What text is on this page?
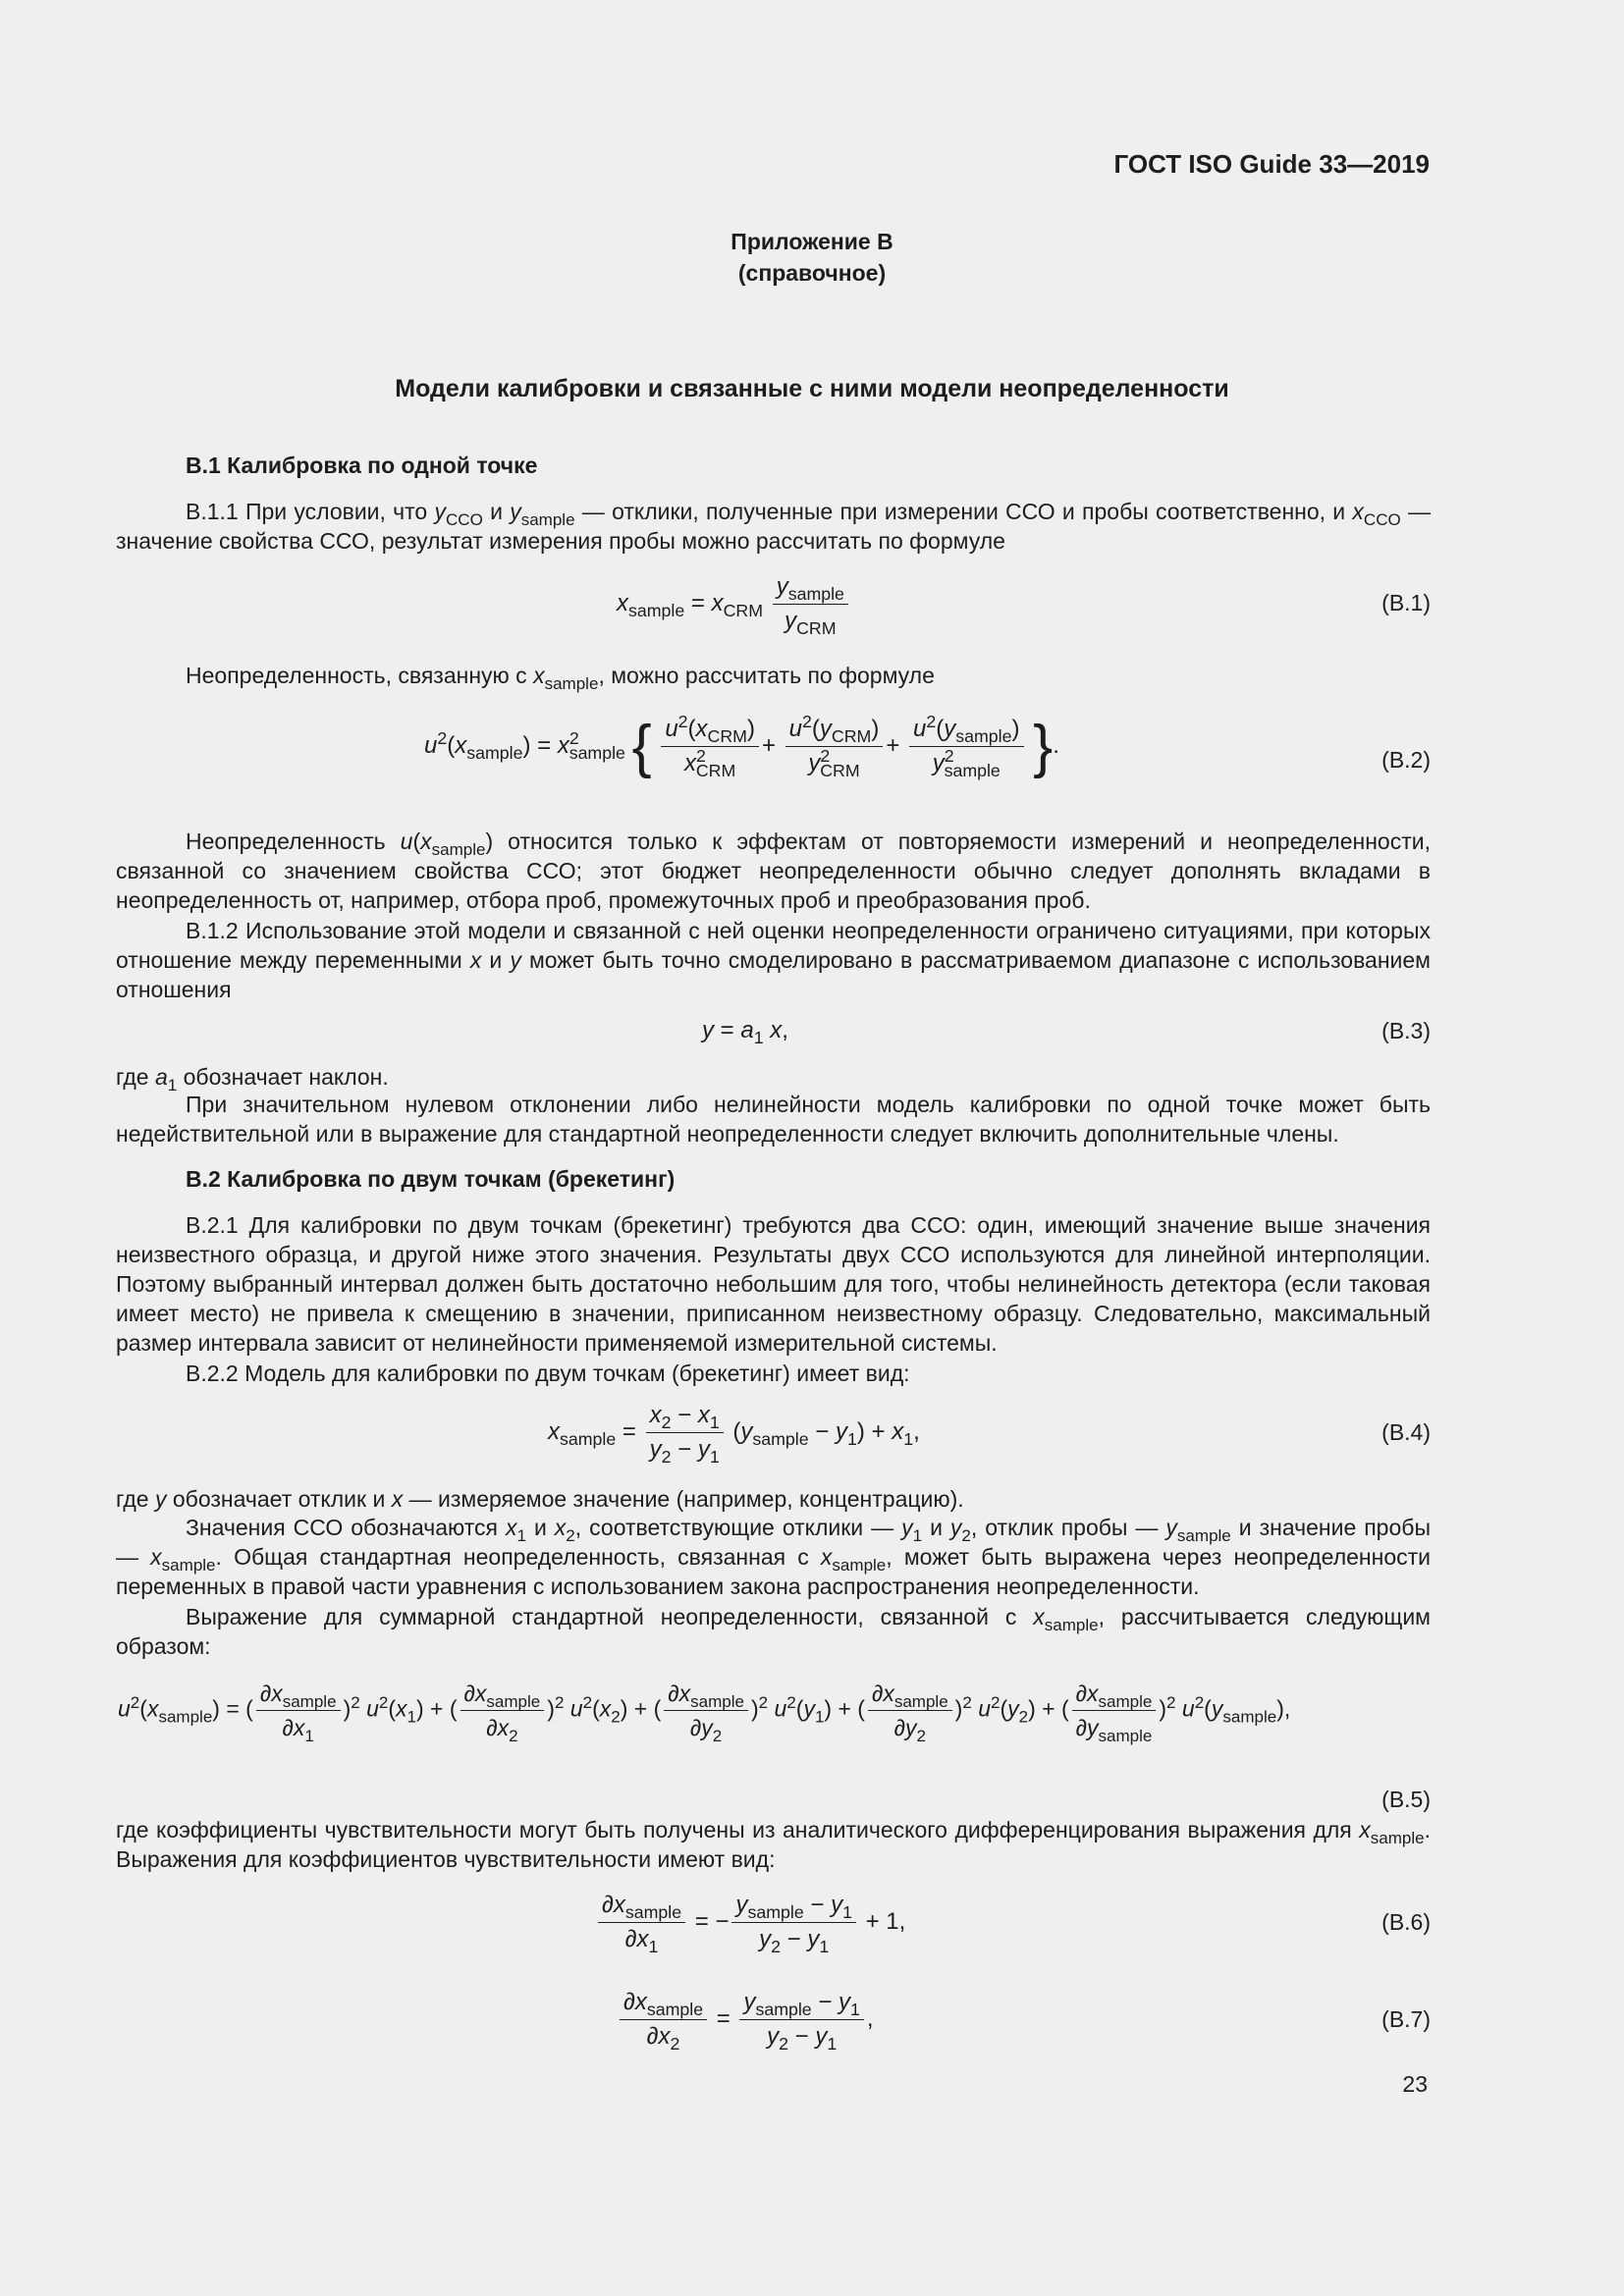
ГОСТ ISO Guide 33—2019
Приложение В
(справочное)
Модели калибровки и связанные с ними модели неопределенности
В.1 Калибровка по одной точке

В.1.1 При условии, что $y_{CCO}$ и $y_{sample}$ — отклики, полученные при измерении ССО и пробы соответственно, и $x_{CCO}$ — значение свойства ССО, результат измерения пробы можно рассчитать по формуле

$x_{sample} = x_{CRM} \frac{y_{sample}}{y_{CRM}}$	(В.1)
Неопределенность, связанную с $x_{sample}$, можно рассчитать по формуле
$u^2(x_{sample}) = x^2_{sample}$ { $\frac{u^2(x_{CRM})}{x^2_{CRM}} + \frac{u^2(y_{CRM})}{y^2_{CRM}} + \frac{u^2(y_{sample})}{y^2_{sample}}$ }.
(В.2)

Неопределенность $u(x_{sample})$ относится только к эффектам от повторяемости измерений и неопределенности, связанной со значением свойства ССО; этот бюджет неопределенности обычно следует дополнять вкладами в неопределенность от, например, отбора проб, промежуточных проб и преобразования проб.

В.1.2 Использование этой модели и связанной с ней оценки неопределенности ограничено ситуациями, при которых отношение между переменными x и y может быть точно смоделировано в рассматриваемом диапазоне с использованием отношения

$y = a_1$ x,	(В.3)
где $a_1$ обозначает наклон.

При значительном нулевом отклонении либо нелинейности модель калибровки по одной точке может быть недействительной или в выражение для стандартной неопределенности следует включить дополнительные члены.

В.2 Калибровка по двум точкам (брекетинг)

В.2.1 Для калибровки по двум точкам (брекетинг) требуются два ССО: один, имеющий значение выше значения неизвестного образца, и другой ниже этого значения. Результаты двух ССО используются для линейной интерполяции. Поэтому выбранный интервал должен быть достаточно небольшим для того, чтобы нелинейность детектора (если таковая имеет место) не привела к смещению в значении, приписанном неизвестному образцу. Следовательно, максимальный размер интервала зависит от нелинейности применяемой измерительной системы.

В.2.2 Модель для калибровки по двум точкам (брекетинг) имеет вид:

$x_{sample} = \frac{x_2 - x_1}{y_2 - y_1} (y_{sample} - y_1) + x_1$,	(В.4)
где y обозначает отклик и x — измеряемое значение (например, концентрацию).

Значения ССО обозначаются $x_1$ и $x_2$, соответствующие отклики — $y_1$ и $y_2$, отклик пробы — $y_{sample}$ и значение пробы — $x_{sample}$. Общая стандартная неопределенность, связанная с $x_{sample}$, может быть выражена через неопределенности переменных в правой части уравнения с использованием закона распространения неопределенности.

Выражение для суммарной стандартной неопределенности, связанной с $x_{sample}$, рассчитывается следующим образом:

$u^2(x_{sample})$ = ( $\frac{\partial x_{sample}}{\partial x_1} )^2$ $u^2(x_1)$ + ( $\frac{\partial x_{sample}}{\partial x_2} )^2$ $u^2(x_2)$ + ( $\frac{\partial x_{sample}}{\partial y_2} )^2$ $u^2(y_1)$ + ( $\frac{\partial x_{sample}}{\partial y_2} )^2$ $u^2(y_2)$ + ( $\frac{\partial x_{sample}}{\partial y_{sample}} )^2$ $u^2(y_{sample})$,
(В.5)

где коэффициенты чувствительности могут быть получены из аналитического дифференцирования выражения для $x_{sample}$. Выражения для коэффициентов чувствительности имеют вид:

$\frac{\partial x_{sample}}{\partial x_1}$ = − $\frac{y_{sample} - y_1}{y_2 - y_1} + 1$,	(В.6)
$\frac{\partial x_{sample}}{\partial x_2} = \frac{y_{sample} - y_1}{y_2 - y_1}$ ,	(В.7)
23
